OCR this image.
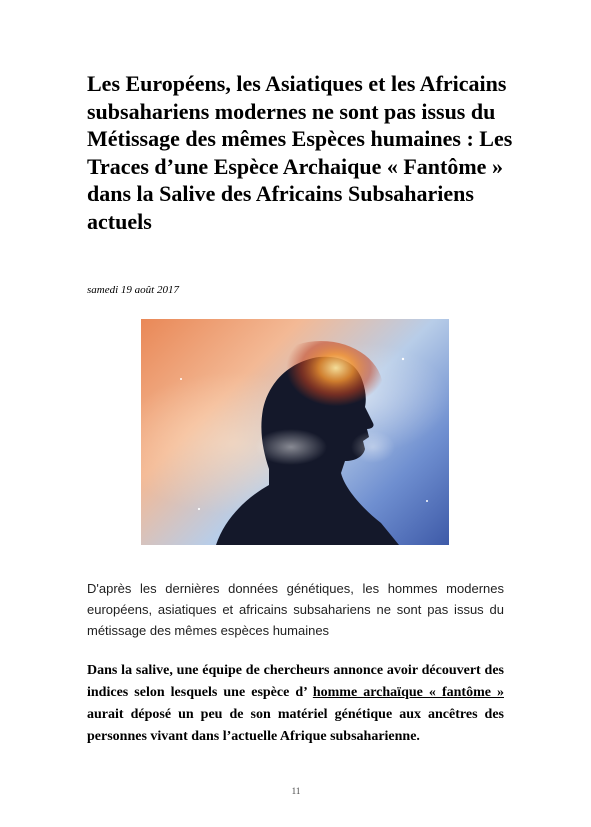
Les Européens, les Asiatiques et les Africains subsahariens modernes ne sont pas issus du Métissage des mêmes Espèces humaines : Les Traces d’une Espèce Archaique « Fantôme » dans la Salive des Africains Subsahariens actuels
samedi 19 août 2017

D'après les dernières données génétiques, les hommes modernes européens, asiatiques et africains subsahariens ne sont pas issus du métissage des mêmes espèces humaines

Dans la salive, une équipe de chercheurs annonce avoir découvert des indices selon lesquels une espèce d’ homme archaïque « fantôme » aurait déposé un peu de son matériel génétique aux ancêtres des personnes vivant dans l’actuelle Afrique subsaharienne.

11
